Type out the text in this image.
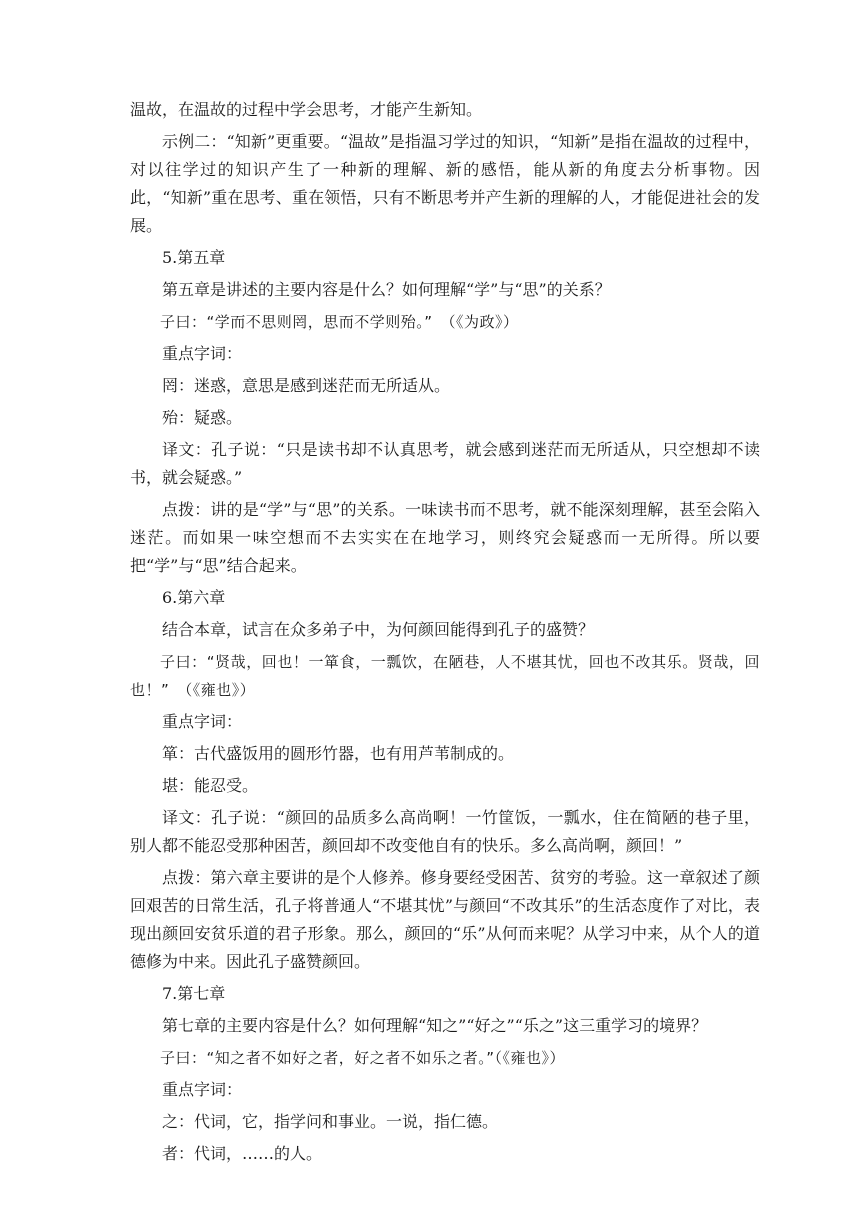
温故，在温故的过程中学会思考，才能产生新知。

示例二：“知新”更重要。“温故”是指温习学过的知识，“知新”是指在温故的过程中，对以往学过的知识产生了一种新的理解、新的感悟，能从新的角度去分析事物。因此，“知新”重在思考、重在领悟，只有不断思考并产生新的理解的人，才能促进社会的发展。

5.第五章

第五章是讲述的主要内容是什么？如何理解“学”与“思”的关系？

子曰：“学而不思则罔，思而不学则殆。”　（《为政》）

重点字词：

罔：迷惑，意思是感到迷茫而无所适从。

殆：疑惑。

译文：孔子说：“只是读书却不认真思考，就会感到迷茫而无所适从，只空想却不读书，就会疑惑。”

点拨：讲的是“学”与“思”的关系。一味读书而不思考，就不能深刻理解，甚至会陷入迷茫。而如果一味空想而不去实实在在地学习，则终究会疑惑而一无所得。所以要把“学”与“思”结合起来。

6.第六章

结合本章，试言在众多弟子中，为何颜回能得到孔子的盛赞？

子曰：“贤哉，回也！一箪食，一瓢饮，在陋巷，人不堪其忧，回也不改其乐。贤哉，回也！”　（《雍也》）

重点字词：

箪：古代盛饭用的圆形竹器，也有用芦苇制成的。

堪：能忍受。

译文：孔子说：“颜回的品质多么高尚啊！一竹筐饭，一瓢水，住在简陋的巷子里，别人都不能忍受那种困苦，颜回却不改变他自有的快乐。多么高尚啊，颜回！”

点拨：第六章主要讲的是个人修养。修身要经受困苦、贫穷的考验。这一章叙述了颜回艰苦的日常生活，孔子将普通人“不堪其忧”与颜回“不改其乐”的生活态度作了对比，表现出颜回安贫乐道的君子形象。那么，颜回的“乐”从何而来呢？从学习中来，从个人的道德修为中来。因此孔子盛赞颜回。

7.第七章

第七章的主要内容是什么？如何理解“知之”“好之”“乐之”这三重学习的境界？

子曰：“知之者不如好之者，好之者不如乐之者。”（《雍也》）

重点字词：

之：代词，它，指学问和事业。一说，指仁德。

者：代词，……的人。
